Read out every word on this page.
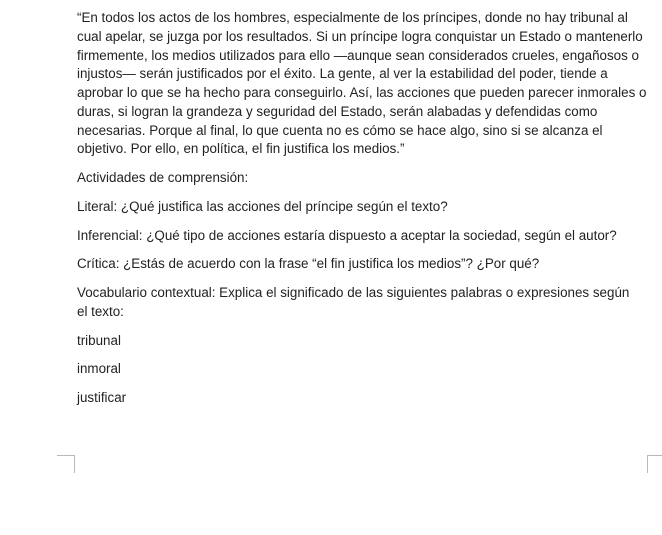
“En todos los actos de los hombres, especialmente de los príncipes, donde no hay tribunal al cual apelar, se juzga por los resultados. Si un príncipe logra conquistar un Estado o mantenerlo firmemente, los medios utilizados para ello —aunque sean considerados crueles, engañosos o injustos— serán justificados por el éxito. La gente, al ver la estabilidad del poder, tiende a aprobar lo que se ha hecho para conseguirlo. Así, las acciones que pueden parecer inmorales o duras, si logran la grandeza y seguridad del Estado, serán alabadas y defendidas como necesarias. Porque al final, lo que cuenta no es cómo se hace algo, sino si se alcanza el objetivo. Por ello, en política, el fin justifica los medios.”

Actividades de comprensión:

Literal: ¿Qué justifica las acciones del príncipe según el texto?

Inferencial: ¿Qué tipo de acciones estaría dispuesto a aceptar la sociedad, según el autor?

Crítica: ¿Estás de acuerdo con la frase “el fin justifica los medios”? ¿Por qué?

Vocabulario contextual: Explica el significado de las siguientes palabras o expresiones según el texto:

tribunal

inmoral

justificar
